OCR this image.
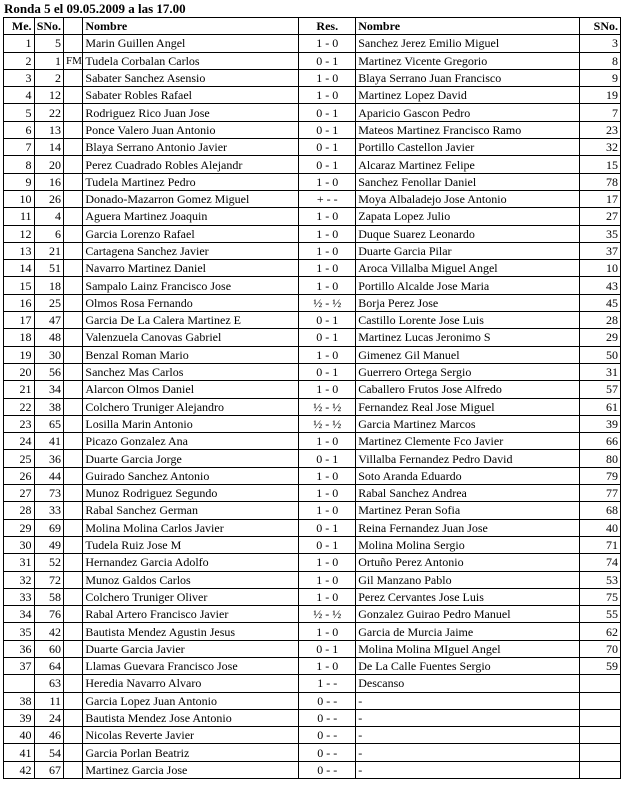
Ronda 5 el 09.05.2009 a las 17.00
Me.	SNo.		Nombre	Res.	Nombre	SNo.
1	5		Marin Guillen Angel	1 - 0	Sanchez Jerez Emilio Miguel	3
2	1	FM	Tudela Corbalan Carlos	0 - 1	Martinez Vicente Gregorio	8
3	2		Sabater Sanchez Asensio	1 - 0	Blaya Serrano Juan Francisco	9
4	12		Sabater Robles Rafael	1 - 0	Martinez Lopez David	19
5	22		Rodriguez Rico Juan Jose	0 - 1	Aparicio Gascon Pedro	7
6	13		Ponce Valero Juan Antonio	0 - 1	Mateos Martinez Francisco Ramo	23
7	14		Blaya Serrano Antonio Javier	0 - 1	Portillo Castellon Javier	32
8	20		Perez Cuadrado Robles Alejandr	0 - 1	Alcaraz Martinez Felipe	15
9	16		Tudela Martinez Pedro	1 - 0	Sanchez Fenollar Daniel	78
10	26		Donado-Mazarron Gomez Miguel	+ - -	Moya Albaladejo Jose Antonio	17
11	4		Aguera Martinez Joaquin	1 - 0	Zapata Lopez Julio	27
12	6		Garcia Lorenzo Rafael	1 - 0	Duque Suarez Leonardo	35
13	21		Cartagena Sanchez Javier	1 - 0	Duarte Garcia Pilar	37
14	51		Navarro Martinez Daniel	1 - 0	Aroca Villalba Miguel Angel	10
15	18		Sampalo Lainz Francisco Jose	1 - 0	Portillo Alcalde Jose Maria	43
16	25		Olmos Rosa Fernando	½ - ½	Borja Perez Jose	45
17	47		Garcia De La Calera Martinez E	0 - 1	Castillo Lorente Jose Luis	28
18	48		Valenzuela Canovas Gabriel	0 - 1	Martinez Lucas Jeronimo S	29
19	30		Benzal Roman Mario	1 - 0	Gimenez Gil Manuel	50
20	56		Sanchez Mas Carlos	0 - 1	Guerrero Ortega Sergio	31
21	34		Alarcon Olmos Daniel	1 - 0	Caballero Frutos Jose Alfredo	57
22	38		Colchero Truniger Alejandro	½ - ½	Fernandez Real Jose Miguel	61
23	65		Losilla Marin Antonio	½ - ½	Garcia Martinez Marcos	39
24	41		Picazo Gonzalez Ana	1 - 0	Martinez Clemente Fco Javier	66
25	36		Duarte Garcia Jorge	0 - 1	Villalba Fernandez Pedro David	80
26	44		Guirado Sanchez Antonio	1 - 0	Soto Aranda Eduardo	79
27	73		Munoz Rodriguez Segundo	1 - 0	Rabal Sanchez Andrea	77
28	33		Rabal Sanchez German	1 - 0	Martinez Peran Sofia	68
29	69		Molina Molina Carlos Javier	0 - 1	Reina Fernandez Juan Jose	40
30	49		Tudela Ruiz Jose M	0 - 1	Molina Molina Sergio	71
31	52		Hernandez Garcia Adolfo	1 - 0	Ortuño Perez Antonio	74
32	72		Munoz Galdos Carlos	1 - 0	Gil Manzano Pablo	53
33	58		Colchero Truniger Oliver	1 - 0	Perez Cervantes Jose Luis	75
34	76		Rabal Artero Francisco Javier	½ - ½	Gonzalez Guirao Pedro Manuel	55
35	42		Bautista Mendez Agustin Jesus	1 - 0	Garcia de Murcia Jaime	62
36	60		Duarte Garcia Javier	0 - 1	Molina Molina MIguel Angel	70
37	64		Llamas Guevara Francisco Jose	1 - 0	De La Calle Fuentes Sergio	59
	63		Heredia Navarro Alvaro	1 - -	Descanso	
38	11		Garcia Lopez Juan Antonio	0 - -	-	
39	24		Bautista Mendez Jose Antonio	0 - -	-	
40	46		Nicolas Reverte Javier	0 - -	-	
41	54		Garcia Porlan Beatriz	0 - -	-	
42	67		Martinez Garcia Jose	0 - -	-	
